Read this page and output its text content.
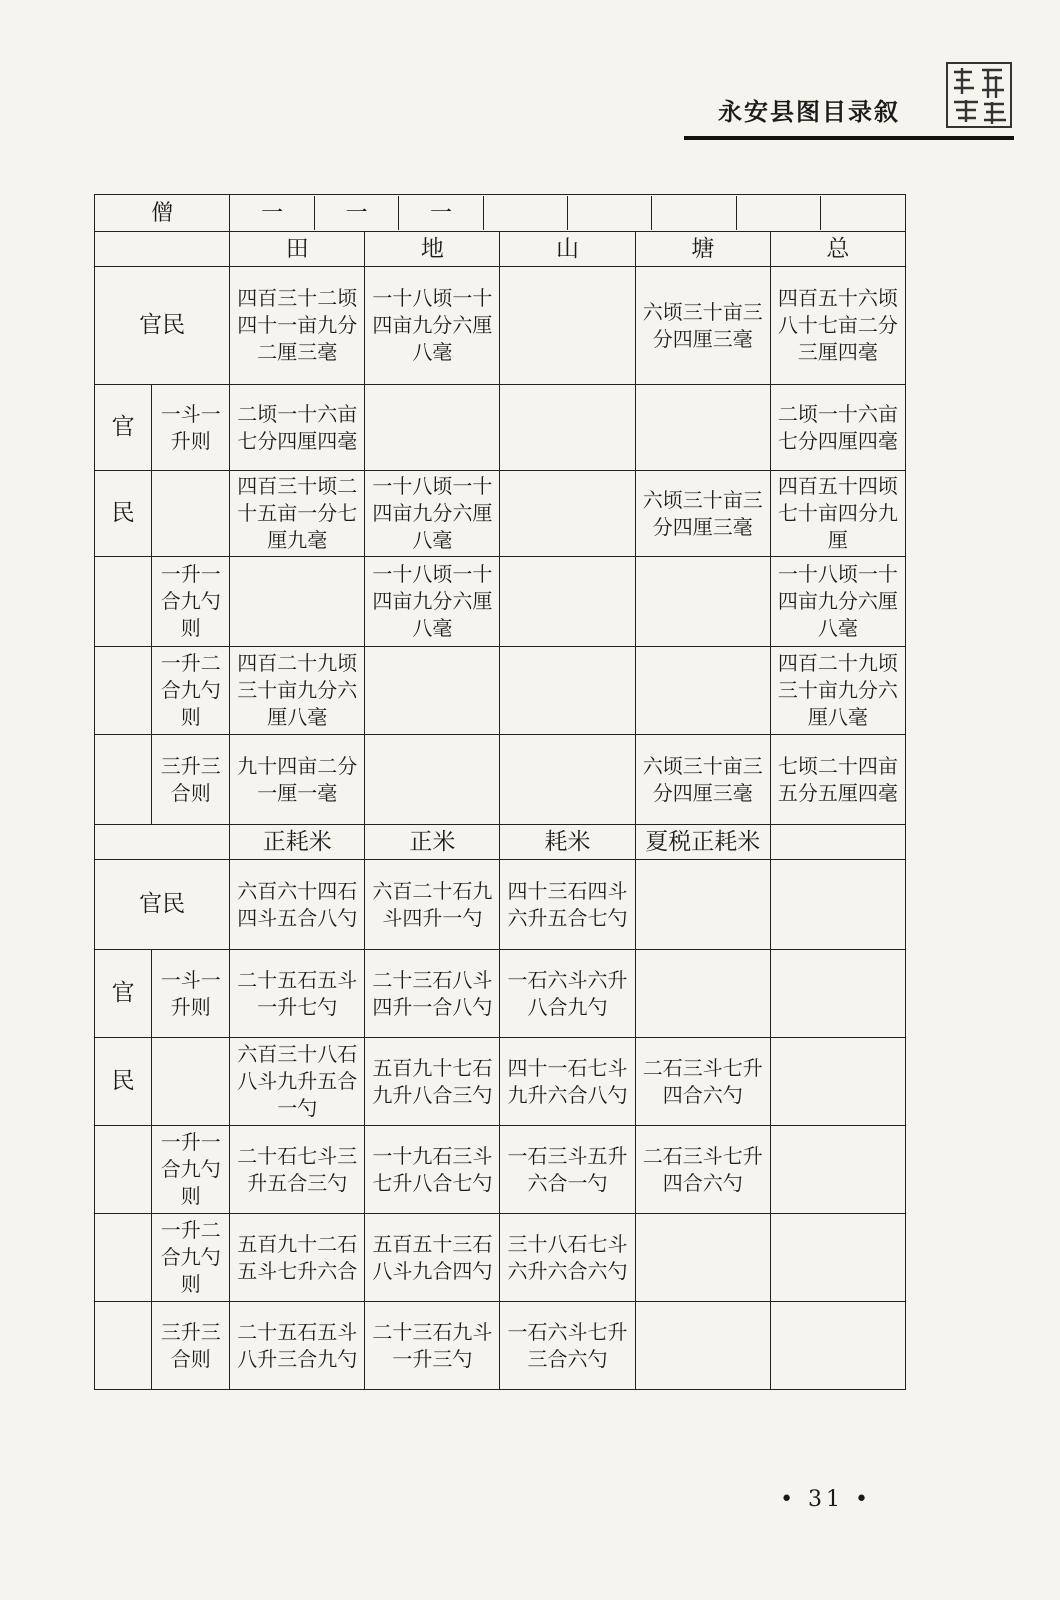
永安县图目录叙
僧		一	一	一					

	田	地	山	塘	总
官民	四百三十二顷四十一亩九分二厘三毫	一十八顷一十四亩九分六厘八毫		六顷三十亩三分四厘三毫	四百五十六顷八十七亩二分三厘四毫
官	一斗一升则	二顷一十六亩七分四厘四毫				二顷一十六亩七分四厘四毫
民		四百三十顷二十五亩一分七厘九毫	一十八顷一十四亩九分六厘八毫		六顷三十亩三分四厘三毫	四百五十四顷七十亩四分九厘
	一升一合九勺则		一十八顷一十四亩九分六厘八毫			一十八顷一十四亩九分六厘八毫
	一升二合九勺则	四百二十九顷三十亩九分六厘八毫				四百二十九顷三十亩九分六厘八毫
	三升三合则	九十四亩二分一厘一毫			六顷三十亩三分四厘三毫	七顷二十四亩五分五厘四毫
	正耗米	正米	耗米	夏税正耗米	
官民	六百六十四石四斗五合八勺	六百二十石九斗四升一勺	四十三石四斗六升五合七勺		
官	一斗一升则	二十五石五斗一升七勺	二十三石八斗四升一合八勺	一石六斗六升八合九勺		
民		六百三十八石八斗九升五合一勺	五百九十七石九升八合三勺	四十一石七斗九升六合八勺	二石三斗七升四合六勺	
	一升一合九勺则	二十石七斗三升五合三勺	一十九石三斗七升八合七勺	一石三斗五升六合一勺	二石三斗七升四合六勺	
	一升二合九勺则	五百九十二石五斗七升六合	五百五十三石八斗九合四勺	三十八石七斗六升六合六勺		
	三升三合则	二十五石五斗八升三合九勺	二十三石九斗一升三勺	一石六斗七升三合六勺		
• 31 •
